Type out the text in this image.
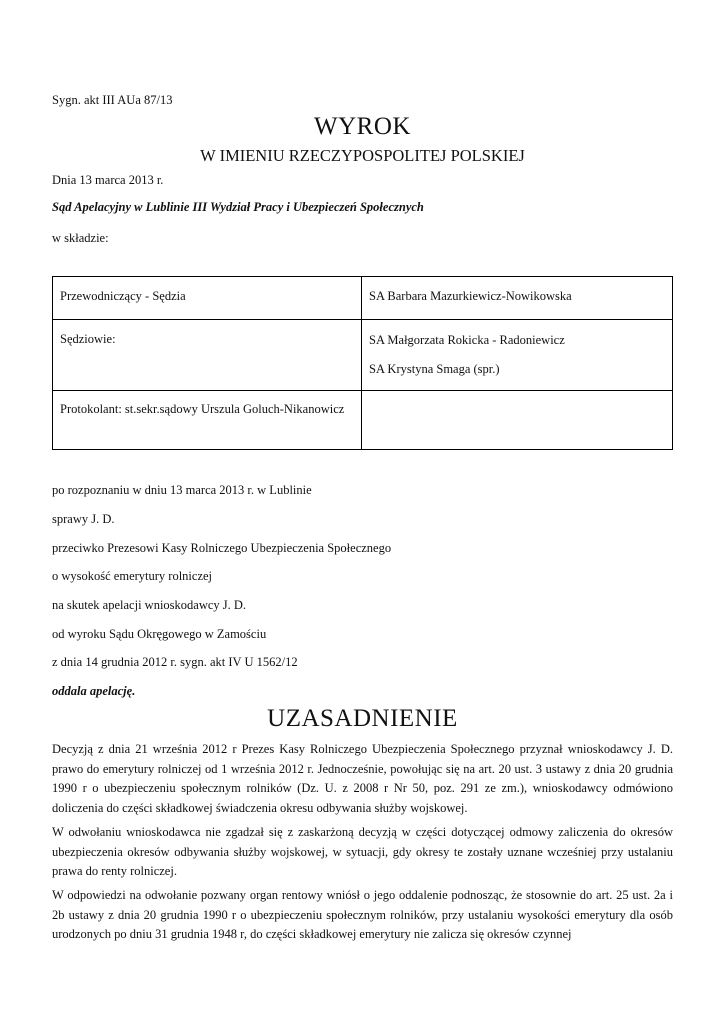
Sygn. akt III AUa 87/13
WYROK
W IMIENIU RZECZYPOSPOLITEJ POLSKIEJ
Dnia 13 marca 2013 r.
Sąd Apelacyjny w Lublinie III Wydział Pracy i Ubezpieczeń Społecznych
w składzie:
Przewodniczący - Sędzia	SA Barbara Mazurkiewicz-Nowikowska

Sędziowie:	SA Małgorzata Rokicka - Radoniewicz
SA Krystyna Smaga (spr.)

Protokolant: st.sekr.sądowy Urszula Goluch-Nikanowicz	

po rozpoznaniu w dniu 13 marca 2013 r. w Lublinie
sprawy J. D.
przeciwko Prezesowi Kasy Rolniczego Ubezpieczenia Społecznego
o wysokość emerytury rolniczej
na skutek apelacji wnioskodawcy J. D.
od wyroku Sądu Okręgowego w Zamościu
z dnia 14 grudnia 2012 r. sygn. akt IV U 1562/12
oddala apelację.
UZASADNIENIE
Decyzją z dnia 21 września 2012 r Prezes Kasy Rolniczego Ubezpieczenia Społecznego przyznał wnioskodawcy J. D. prawo do emerytury rolniczej od 1 września 2012 r. Jednocześnie, powołując się na art. 20 ust. 3 ustawy z dnia 20 grudnia 1990 r o ubezpieczeniu społecznym rolników (Dz. U. z 2008 r Nr 50, poz. 291 ze zm.), wnioskodawcy odmówiono doliczenia do części składkowej świadczenia okresu odbywania służby wojskowej.
W odwołaniu wnioskodawca nie zgadzał się z zaskarżoną decyzją w części dotyczącej odmowy zaliczenia do okresów ubezpieczenia okresów odbywania służby wojskowej, w sytuacji, gdy okresy te zostały uznane wcześniej przy ustalaniu prawa do renty rolniczej.
W odpowiedzi na odwołanie pozwany organ rentowy wniósł o jego oddalenie podnosząc, że stosownie do art. 25 ust. 2a i 2b ustawy z dnia 20 grudnia 1990 r o ubezpieczeniu społecznym rolników, przy ustalaniu wysokości emerytury dla osób urodzonych po dniu 31 grudnia 1948 r, do części składkowej emerytury nie zalicza się okresów czynnej
